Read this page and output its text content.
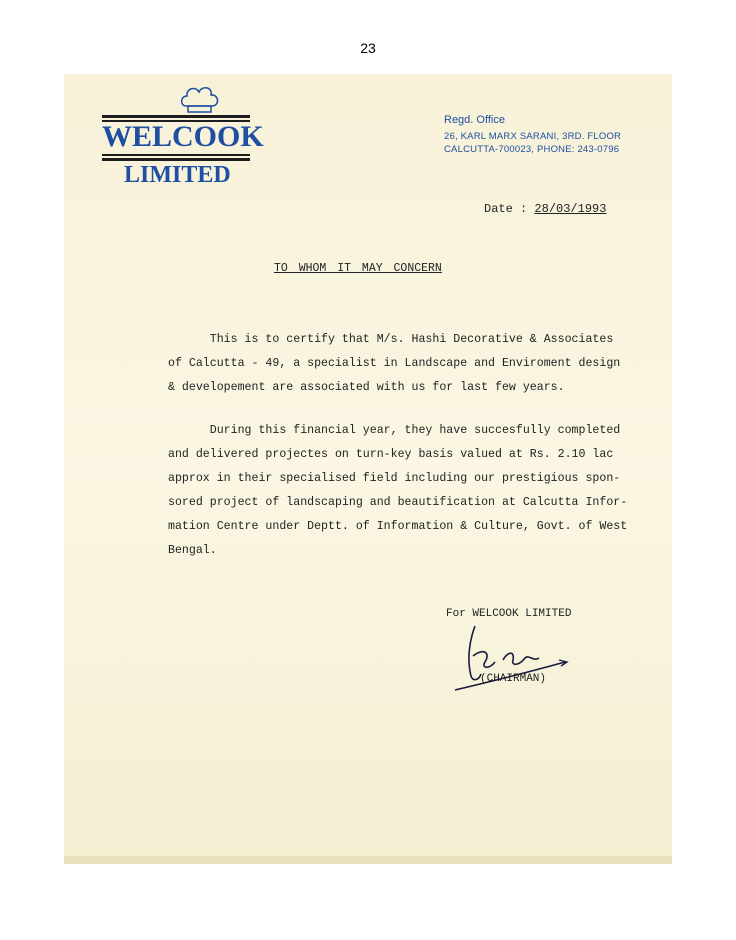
23
WELCOOK
LIMITED
Regd. Office
26, KARL MARX SARANI, 3RD. FLOOR
CALCUTTA-700023, PHONE: 243-0796
Date : 28/03/1993
TO WHOM IT MAY CONCERN
This is to certify that M/s. Hashi Decorative & Associates
of Calcutta - 49, a specialist in Landscape and Enviroment design
& developement are associated with us for last few years.
During this financial year, they have succesfully completed
and delivered projectes on turn-key basis valued at Rs. 2.10 lac
approx in their specialised field including our prestigious spon-
sored project of landscaping and beautification at Calcutta Infor-
mation Centre under Deptt. of Information & Culture, Govt. of West
Bengal.
For WELCOOK LIMITED
(CHAIRMAN)
